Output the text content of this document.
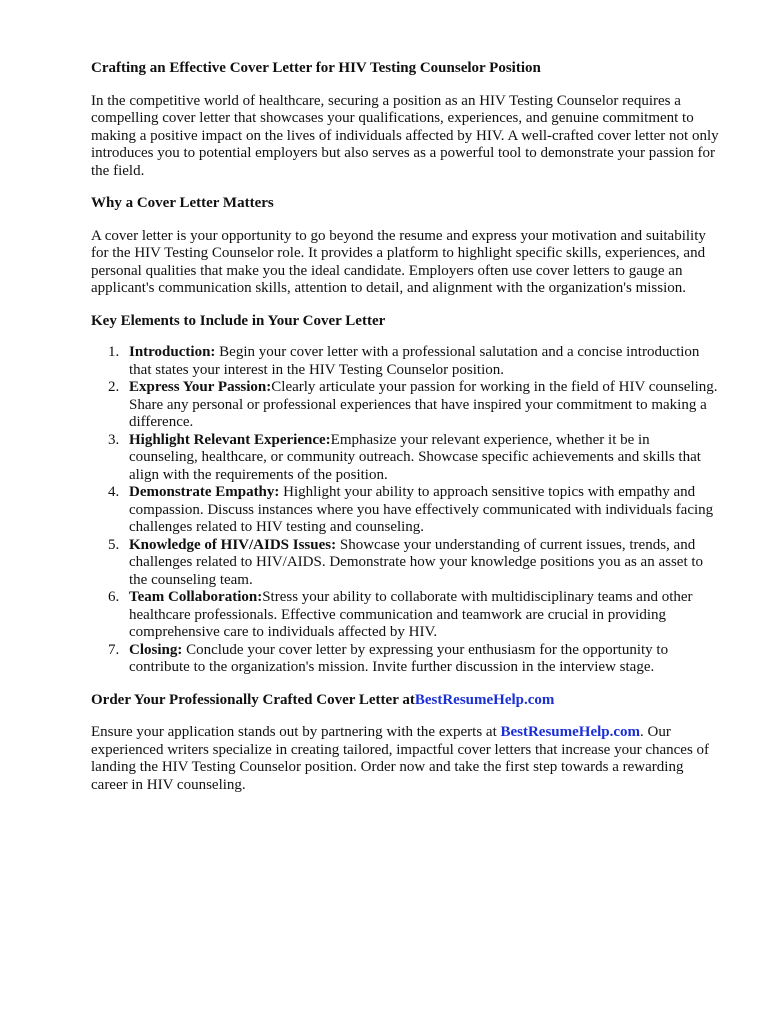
Crafting an Effective Cover Letter for HIV Testing Counselor Position

In the competitive world of healthcare, securing a position as an HIV Testing Counselor requires a compelling cover letter that showcases your qualifications, experiences, and genuine commitment to making a positive impact on the lives of individuals affected by HIV. A well-crafted cover letter not only introduces you to potential employers but also serves as a powerful tool to demonstrate your passion for the field.

Why a Cover Letter Matters

A cover letter is your opportunity to go beyond the resume and express your motivation and suitability for the HIV Testing Counselor role. It provides a platform to highlight specific skills, experiences, and personal qualities that make you the ideal candidate. Employers often use cover letters to gauge an applicant's communication skills, attention to detail, and alignment with the organization's mission.

Key Elements to Include in Your Cover Letter

1. Introduction: Begin your cover letter with a professional salutation and a concise introduction that states your interest in the HIV Testing Counselor position.
2. Express Your Passion:Clearly articulate your passion for working in the field of HIV counseling. Share any personal or professional experiences that have inspired your commitment to making a difference.
3. Highlight Relevant Experience:Emphasize your relevant experience, whether it be in counseling, healthcare, or community outreach. Showcase specific achievements and skills that align with the requirements of the position.
4. Demonstrate Empathy: Highlight your ability to approach sensitive topics with empathy and compassion. Discuss instances where you have effectively communicated with individuals facing challenges related to HIV testing and counseling.
5. Knowledge of HIV/AIDS Issues: Showcase your understanding of current issues, trends, and challenges related to HIV/AIDS. Demonstrate how your knowledge positions you as an asset to the counseling team.
6. Team Collaboration:Stress your ability to collaborate with multidisciplinary teams and other healthcare professionals. Effective communication and teamwork are crucial in providing comprehensive care to individuals affected by HIV.
7. Closing: Conclude your cover letter by expressing your enthusiasm for the opportunity to contribute to the organization's mission. Invite further discussion in the interview stage.

Order Your Professionally Crafted Cover Letter atBestResumeHelp.com

Ensure your application stands out by partnering with the experts at BestResumeHelp.com. Our experienced writers specialize in creating tailored, impactful cover letters that increase your chances of landing the HIV Testing Counselor position. Order now and take the first step towards a rewarding career in HIV counseling.
